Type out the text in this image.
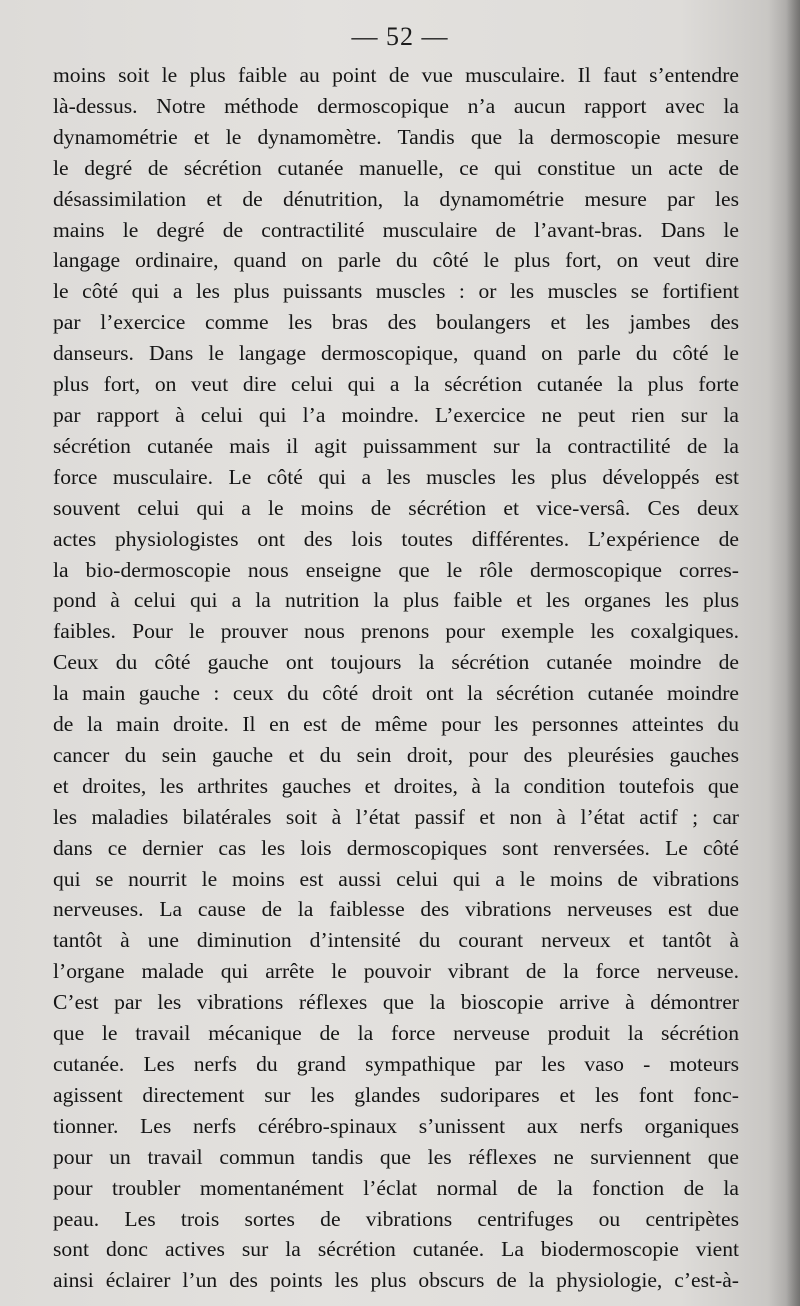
— 52 —
moins soit le plus faible au point de vue musculaire. Il faut s’entendre
là-dessus. Notre méthode dermoscopique n’a aucun rapport avec la
dynamométrie et le dynamomètre. Tandis que la dermoscopie mesure
le degré de sécrétion cutanée manuelle, ce qui constitue un acte de
désassimilation et de dénutrition, la dynamométrie mesure par les
mains le degré de contractilité musculaire de l’avant-bras. Dans le
langage ordinaire, quand on parle du côté le plus fort, on veut dire
le côté qui a les plus puissants muscles : or les muscles se fortifient
par l’exercice comme les bras des boulangers et les jambes des
danseurs. Dans le langage dermoscopique, quand on parle du côté le
plus fort, on veut dire celui qui a la sécrétion cutanée la plus forte
par rapport à celui qui l’a moindre. L’exercice ne peut rien sur la
sécrétion cutanée mais il agit puissamment sur la contractilité de la
force musculaire. Le côté qui a les muscles les plus développés est
souvent celui qui a le moins de sécrétion et vice-versâ. Ces deux
actes physiologistes ont des lois toutes différentes. L’expérience de
la bio-dermoscopie nous enseigne que le rôle dermoscopique corres-
pond à celui qui a la nutrition la plus faible et les organes les plus
faibles. Pour le prouver nous prenons pour exemple les coxalgiques.
Ceux du côté gauche ont toujours la sécrétion cutanée moindre de
la main gauche : ceux du côté droit ont la sécrétion cutanée moindre
de la main droite. Il en est de même pour les personnes atteintes du
cancer du sein gauche et du sein droit, pour des pleurésies gauches
et droites, les arthrites gauches et droites, à la condition toutefois que
les maladies bilatérales soit à l’état passif et non à l’état actif ; car
dans ce dernier cas les lois dermoscopiques sont renversées. Le côté
qui se nourrit le moins est aussi celui qui a le moins de vibrations
nerveuses. La cause de la faiblesse des vibrations nerveuses est due
tantôt à une diminution d’intensité du courant nerveux et tantôt à
l’organe malade qui arrête le pouvoir vibrant de la force nerveuse.
C’est par les vibrations réflexes que la bioscopie arrive à démontrer
que le travail mécanique de la force nerveuse produit la sécrétion
cutanée. Les nerfs du grand sympathique par les vaso - moteurs
agissent directement sur les glandes sudoripares et les font fonc-
tionner. Les nerfs cérébro-spinaux s’unissent aux nerfs organiques
pour un travail commun tandis que les réflexes ne surviennent que
pour troubler momentanément l’éclat normal de la fonction de la
peau. Les trois sortes de vibrations centrifuges ou centripètes
sont donc actives sur la sécrétion cutanée. La biodermoscopie vient
ainsi éclairer l’un des points les plus obscurs de la physiologie, c’est-à-
